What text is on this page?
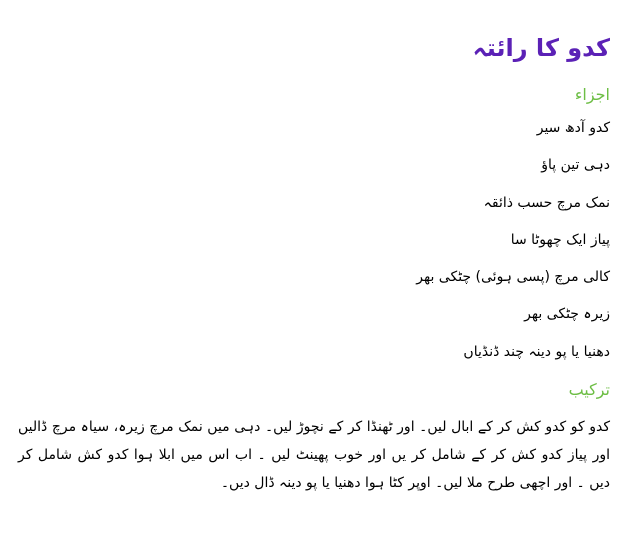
کدو کا رائتہ
اجزاء
کدو آدھ سیر
دہی تین پاؤ
نمک مرچ حسب ذائقہ
پیاز ایک چھوٹا سا
کالی مرچ (پسی ہوئی) چٹکی بھر
زیرہ چٹکی بھر
دھنیا یا پو دینہ چند ڈنڈیاں
ترکیب

کدو کو کدو کش کر کے ابال لیں۔ اور ٹھنڈا کر کے نچوڑ لیں۔ دہی میں نمک مرچ زیرہ، سیاہ مرچ ڈالیں اور پیاز کدو کش کر کے شامل کر یں اور خوب پھینٹ لیں ۔ اب اس میں ابلا ہوا کدو کش شامل کر دیں ۔ اور اچھی طرح ملا لیں۔ اوپر کٹا ہوا دھنیا یا پو دینہ ڈال دیں۔
